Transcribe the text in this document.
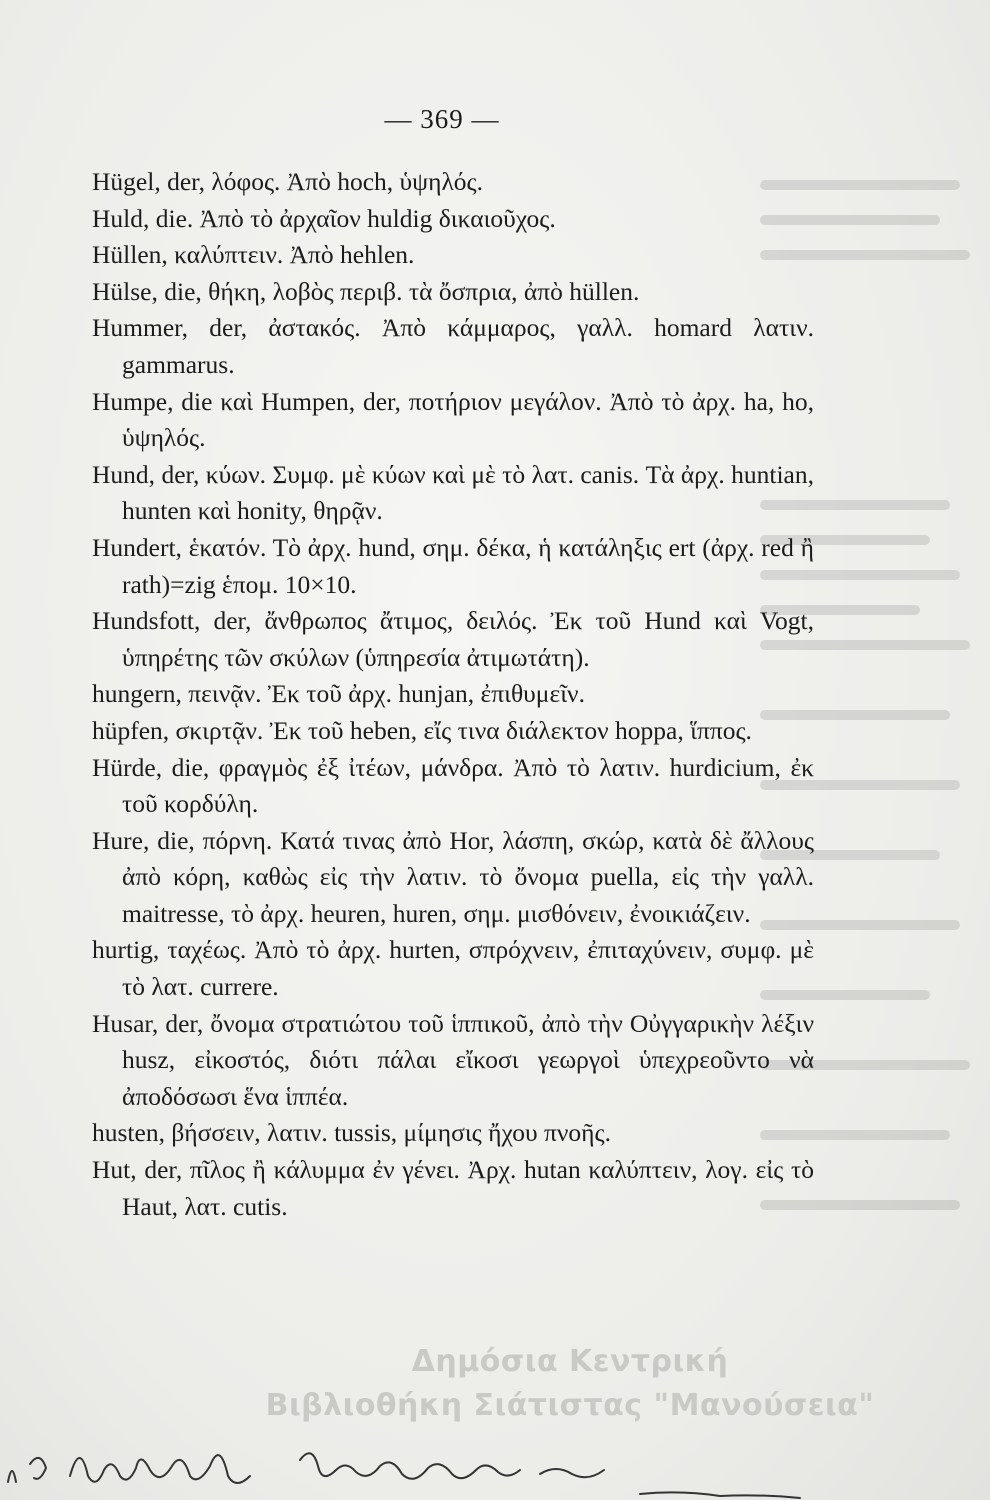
— 369 —

Hügel, der, λόφος. Ἀπὸ hoch, ὑψηλός.

Huld, die. Ἀπὸ τὸ ἀρχαῖον huldig δικαιοῦχος.

Hüllen, καλύπτειν. Ἀπὸ hehlen.

Hülse, die, θήκη, λοβὸς περιβ. τὰ ὄσπρια, ἀπὸ hüllen.

Hummer, der, ἀστακός. Ἀπὸ κάμμαρος, γαλλ. homard λατιν. gammarus.

Humpe, die καὶ Humpen, der, ποτήριον μεγάλον. Ἀπὸ τὸ ἀρχ. ha, ho, ὑψηλός.

Hund, der, κύων. Συμφ. μὲ κύων καὶ μὲ τὸ λατ. canis. Τὰ ἀρχ. huntian, hunten καὶ honity, θηρᾷν.

Hundert, ἑκατόν. Τὸ ἀρχ. hund, σημ. δέκα, ἡ κατάληξις ert (ἀρχ. red ἢ rath)=zig ἑπομ. 10×10.

Hundsfott, der, ἄνθρωπος ἄτιμος, δειλός. Ἐκ τοῦ Hund καὶ Vogt, ὑπηρέτης τῶν σκύλων (ὑπηρεσία ἀτιμωτάτη).

hungern, πεινᾷν. Ἐκ τοῦ ἀρχ. hunjan, ἐπιθυμεῖν.

hüpfen, σκιρτᾷν. Ἐκ τοῦ heben, εἴς τινα διάλεκτον hoppa, ἵππος.

Hürde, die, φραγμὸς ἐξ ἰτέων, μάνδρα. Ἀπὸ τὸ λατιν. hurdicium, ἐκ τοῦ κορδύλη.

Hure, die, πόρνη. Κατά τινας ἀπὸ Hor, λάσπη, σκώρ, κατὰ δὲ ἄλλους ἀπὸ κόρη, καθὼς εἰς τὴν λατιν. τὸ ὄνομα puella, εἰς τὴν γαλλ. maitresse, τὸ ἀρχ. heuren, huren, σημ. μισθόνειν, ἐνοικιάζειν.

hurtig, ταχέως. Ἀπὸ τὸ ἀρχ. hurten, σπρόχνειν, ἐπιταχύνειν, συμφ. μὲ τὸ λατ. currere.

Husar, der, ὄνομα στρατιώτου τοῦ ἱππικοῦ, ἀπὸ τὴν Οὐγγαρικὴν λέξιν husz, εἰκοστός, διότι πάλαι εἴκοσι γεωργοὶ ὑπεχρεοῦντο νὰ ἀποδόσωσι ἕνα ἱππέα.

husten, βήσσειν, λατιν. tussis, μίμησις ἤχου πνοῆς.

Hut, der, πῖλος ἢ κάλυμμα ἐν γένει. Ἀρχ. hutan καλύπτειν, λογ. εἰς τὸ Haut, λατ. cutis.

Δημόσια Κεντρική
Βιβλιοθήκη Σιάτιστας "Μανούσεια"
